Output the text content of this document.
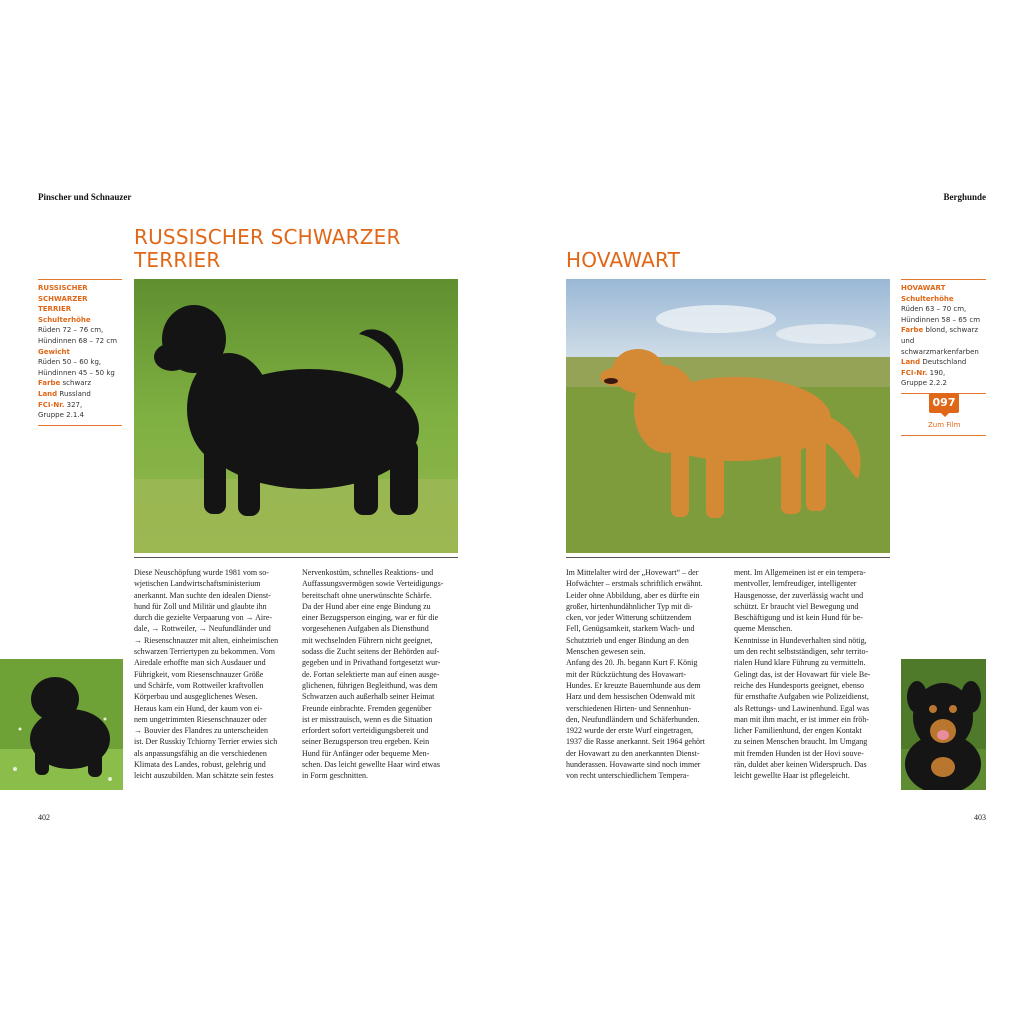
Pinscher und Schnauzer
RUSSISCHER SCHWARZER
TERRIER
RUSSISCHER
SCHWARZER TERRIER
Schulterhöhe
Rüden 72 – 76 cm,
Hündinnen 68 – 72 cm
Gewicht
Rüden 50 – 60 kg,
Hündinnen 45 – 50 kg
Farbe schwarz
Land Russland
FCI-Nr. 327,
Gruppe 2.1.4
Diese Neuschöpfung wurde 1981 vom so-
wjetischen Landwirtschaftsministerium
anerkannt. Man suchte den idealen Dienst-
hund für Zoll und Militär und glaubte ihn
durch die gezielte Verpaarung von → Aire-
dale, → Rottweiler, → Neufundländer und
→ Riesenschnauzer mit alten, einheimischen
schwarzen Terriertypen zu bekommen. Vom
Airedale erhoffte man sich Ausdauer und
Führigkeit, vom Riesenschnauzer Größe
und Schärfe, vom Rottweiler kraftvollen
Körperbau und ausgeglichenes Wesen.
Heraus kam ein Hund, der kaum von ei-
nem ungetrimmten Riesenschnauzer oder
→ Bouvier des Flandres zu unterscheiden
ist. Der Russkiy Tchiorny Terrier erwies sich
als anpassungsfähig an die verschiedenen
Klimata des Landes, robust, gelehrig und
leicht auszubilden. Man schätzte sein festes
Nervenkostüm, schnelles Reaktions- und
Auffassungsvermögen sowie Verteidigungs-
bereitschaft ohne unerwünschte Schärfe.
Da der Hund aber eine enge Bindung zu
einer Bezugsperson einging, war er für die
vorgesehenen Aufgaben als Diensthund
mit wechselnden Führern nicht geeignet,
sodass die Zucht seitens der Behörden auf-
gegeben und in Privathand fortgesetzt wur-
de. Fortan selektierte man auf einen ausge-
glichenen, führigen Begleithund, was dem
Schwarzen auch außerhalb seiner Heimat
Freunde einbrachte. Fremden gegenüber
ist er misstrauisch, wenn es die Situation
erfordert sofort verteidigungsbereit und
seiner Bezugsperson treu ergeben. Kein
Hund für Anfänger oder bequeme Men-
schen. Das leicht gewellte Haar wird etwas
in Form geschnitten.
402
Berghunde
HOVAWART
HOVAWART
Schulterhöhe
Rüden 63 – 70 cm,
Hündinnen 58 – 65 cm
Farbe blond, schwarz
und schwarzmarkenfarben
Land Deutschland
FCI-Nr. 190,
Gruppe 2.2.2
097
Zum Film
Im Mittelalter wird der „Hovewart“ – der
Hofwächter – erstmals schriftlich erwähnt.
Leider ohne Abbildung, aber es dürfte ein
großer, hirtenhundähnlicher Typ mit di-
cken, vor jeder Witterung schützendem
Fell, Genügsamkeit, starkem Wach- und
Schutztrieb und enger Bindung an den
Menschen gewesen sein.
Anfang des 20. Jh. begann Kurt F. König
mit der Rückzüchtung des Hovawart-
Hundes. Er kreuzte Bauernhunde aus dem
Harz und dem hessischen Odenwald mit
verschiedenen Hirten- und Sennenhun-
den, Neufundländern und Schäferhunden.
1922 wurde der erste Wurf eingetragen,
1937 die Rasse anerkannt. Seit 1964 gehört
der Hovawart zu den anerkannten Dienst-
hunderassen. Hovawarte sind noch immer
von recht unterschiedlichem Tempera-
ment. Im Allgemeinen ist er ein tempera-
mentvoller, lernfreudiger, intelligenter
Hausgenosse, der zuverlässig wacht und
schützt. Er braucht viel Bewegung und
Beschäftigung und ist kein Hund für be-
queme Menschen.
Kenntnisse in Hundeverhalten sind nötig,
um den recht selbstständigen, sehr territo-
rialen Hund klare Führung zu vermitteln.
Gelingt das, ist der Hovawart für viele Be-
reiche des Hundesports geeignet, ebenso
für ernsthafte Aufgaben wie Polizeidienst,
als Rettungs- und Lawinenhund. Egal was
man mit ihm macht, er ist immer ein fröh-
licher Familienhund, der engen Kontakt
zu seinen Menschen braucht. Im Umgang
mit fremden Hunden ist der Hovi souve-
rän, duldet aber keinen Widerspruch. Das
leicht gewellte Haar ist pflegeleicht.
403
